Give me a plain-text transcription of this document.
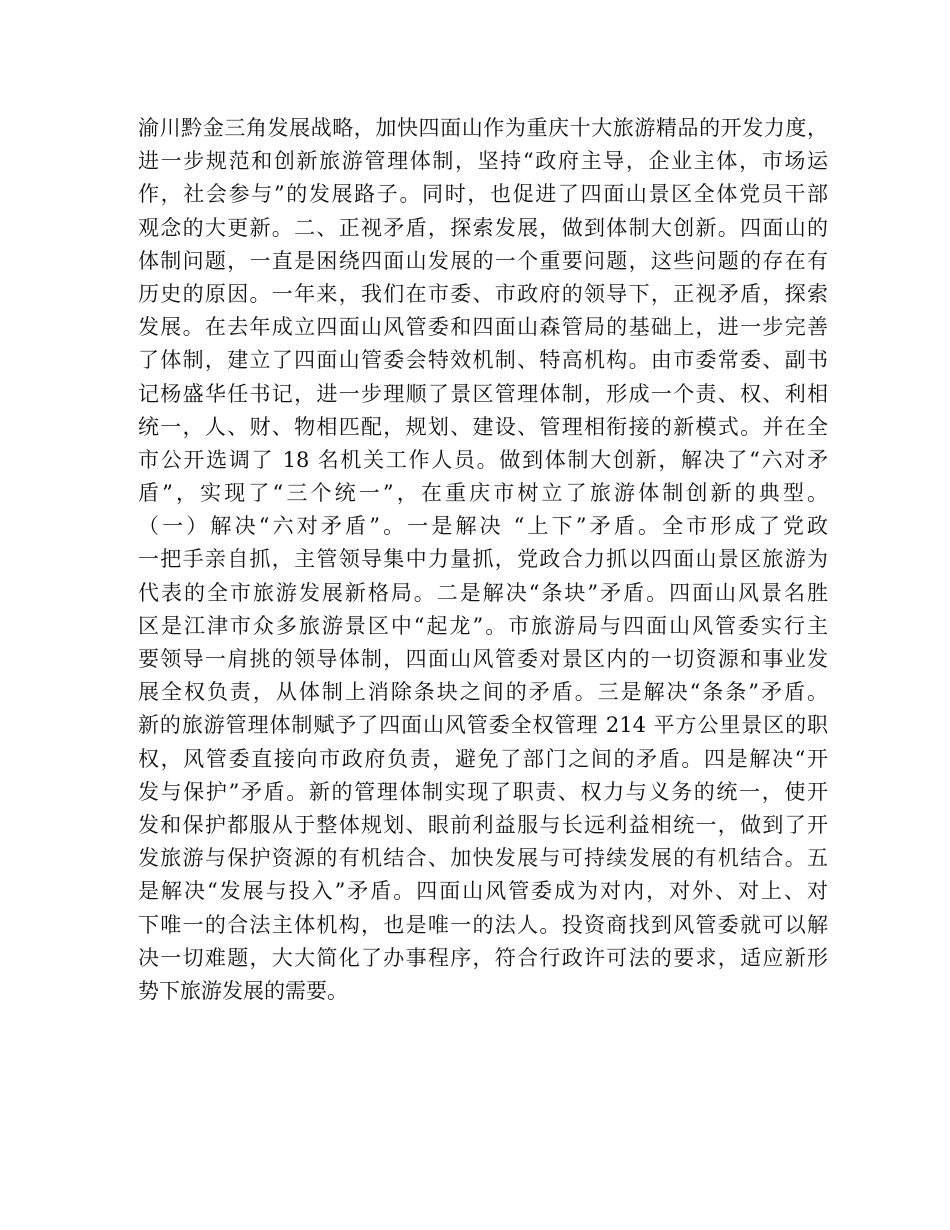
渝川黔金三角发展战略，加快四面山作为重庆十大旅游精品的开发力度，
进一步规范和创新旅游管理体制，坚持“政府主导，企业主体，市场运
作，社会参与”的发展路子。同时，也促进了四面山景区全体党员干部
观念的大更新。二、正视矛盾，探索发展，做到体制大创新。四面山的
体制问题，一直是困绕四面山发展的一个重要问题，这些问题的存在有
历史的原因。一年来，我们在市委、市政府的领导下，正视矛盾，探索
发展。在去年成立四面山风管委和四面山森管局的基础上，进一步完善
了体制，建立了四面山管委会特效机制、特高机构。由市委常委、副书
记杨盛华任书记，进一步理顺了景区管理体制，形成一个责、权、利相
统一，人、财、物相匹配，规划、建设、管理相衔接的新模式。并在全
市公开选调了 18 名机关工作人员。做到体制大创新，解决了“六对矛
盾”，实现了“三个统一”，在重庆市树立了旅游体制创新的典型。
（一）解决“六对矛盾”。一是解决 “上下”矛盾。全市形成了党政
一把手亲自抓，主管领导集中力量抓，党政合力抓以四面山景区旅游为
代表的全市旅游发展新格局。二是解决“条块”矛盾。四面山风景名胜
区是江津市众多旅游景区中“起龙”。市旅游局与四面山风管委实行主
要领导一肩挑的领导体制，四面山风管委对景区内的一切资源和事业发
展全权负责，从体制上消除条块之间的矛盾。三是解决“条条”矛盾。
新的旅游管理体制赋予了四面山风管委全权管理 214 平方公里景区的职
权，风管委直接向市政府负责，避免了部门之间的矛盾。四是解决“开
发与保护”矛盾。新的管理体制实现了职责、权力与义务的统一，使开
发和保护都服从于整体规划、眼前利益服与长远利益相统一，做到了开
发旅游与保护资源的有机结合、加快发展与可持续发展的有机结合。五
是解决“发展与投入”矛盾。四面山风管委成为对内，对外、对上、对
下唯一的合法主体机构，也是唯一的法人。投资商找到风管委就可以解
决一切难题，大大简化了办事程序，符合行政许可法的要求，适应新形
势下旅游发展的需要。
